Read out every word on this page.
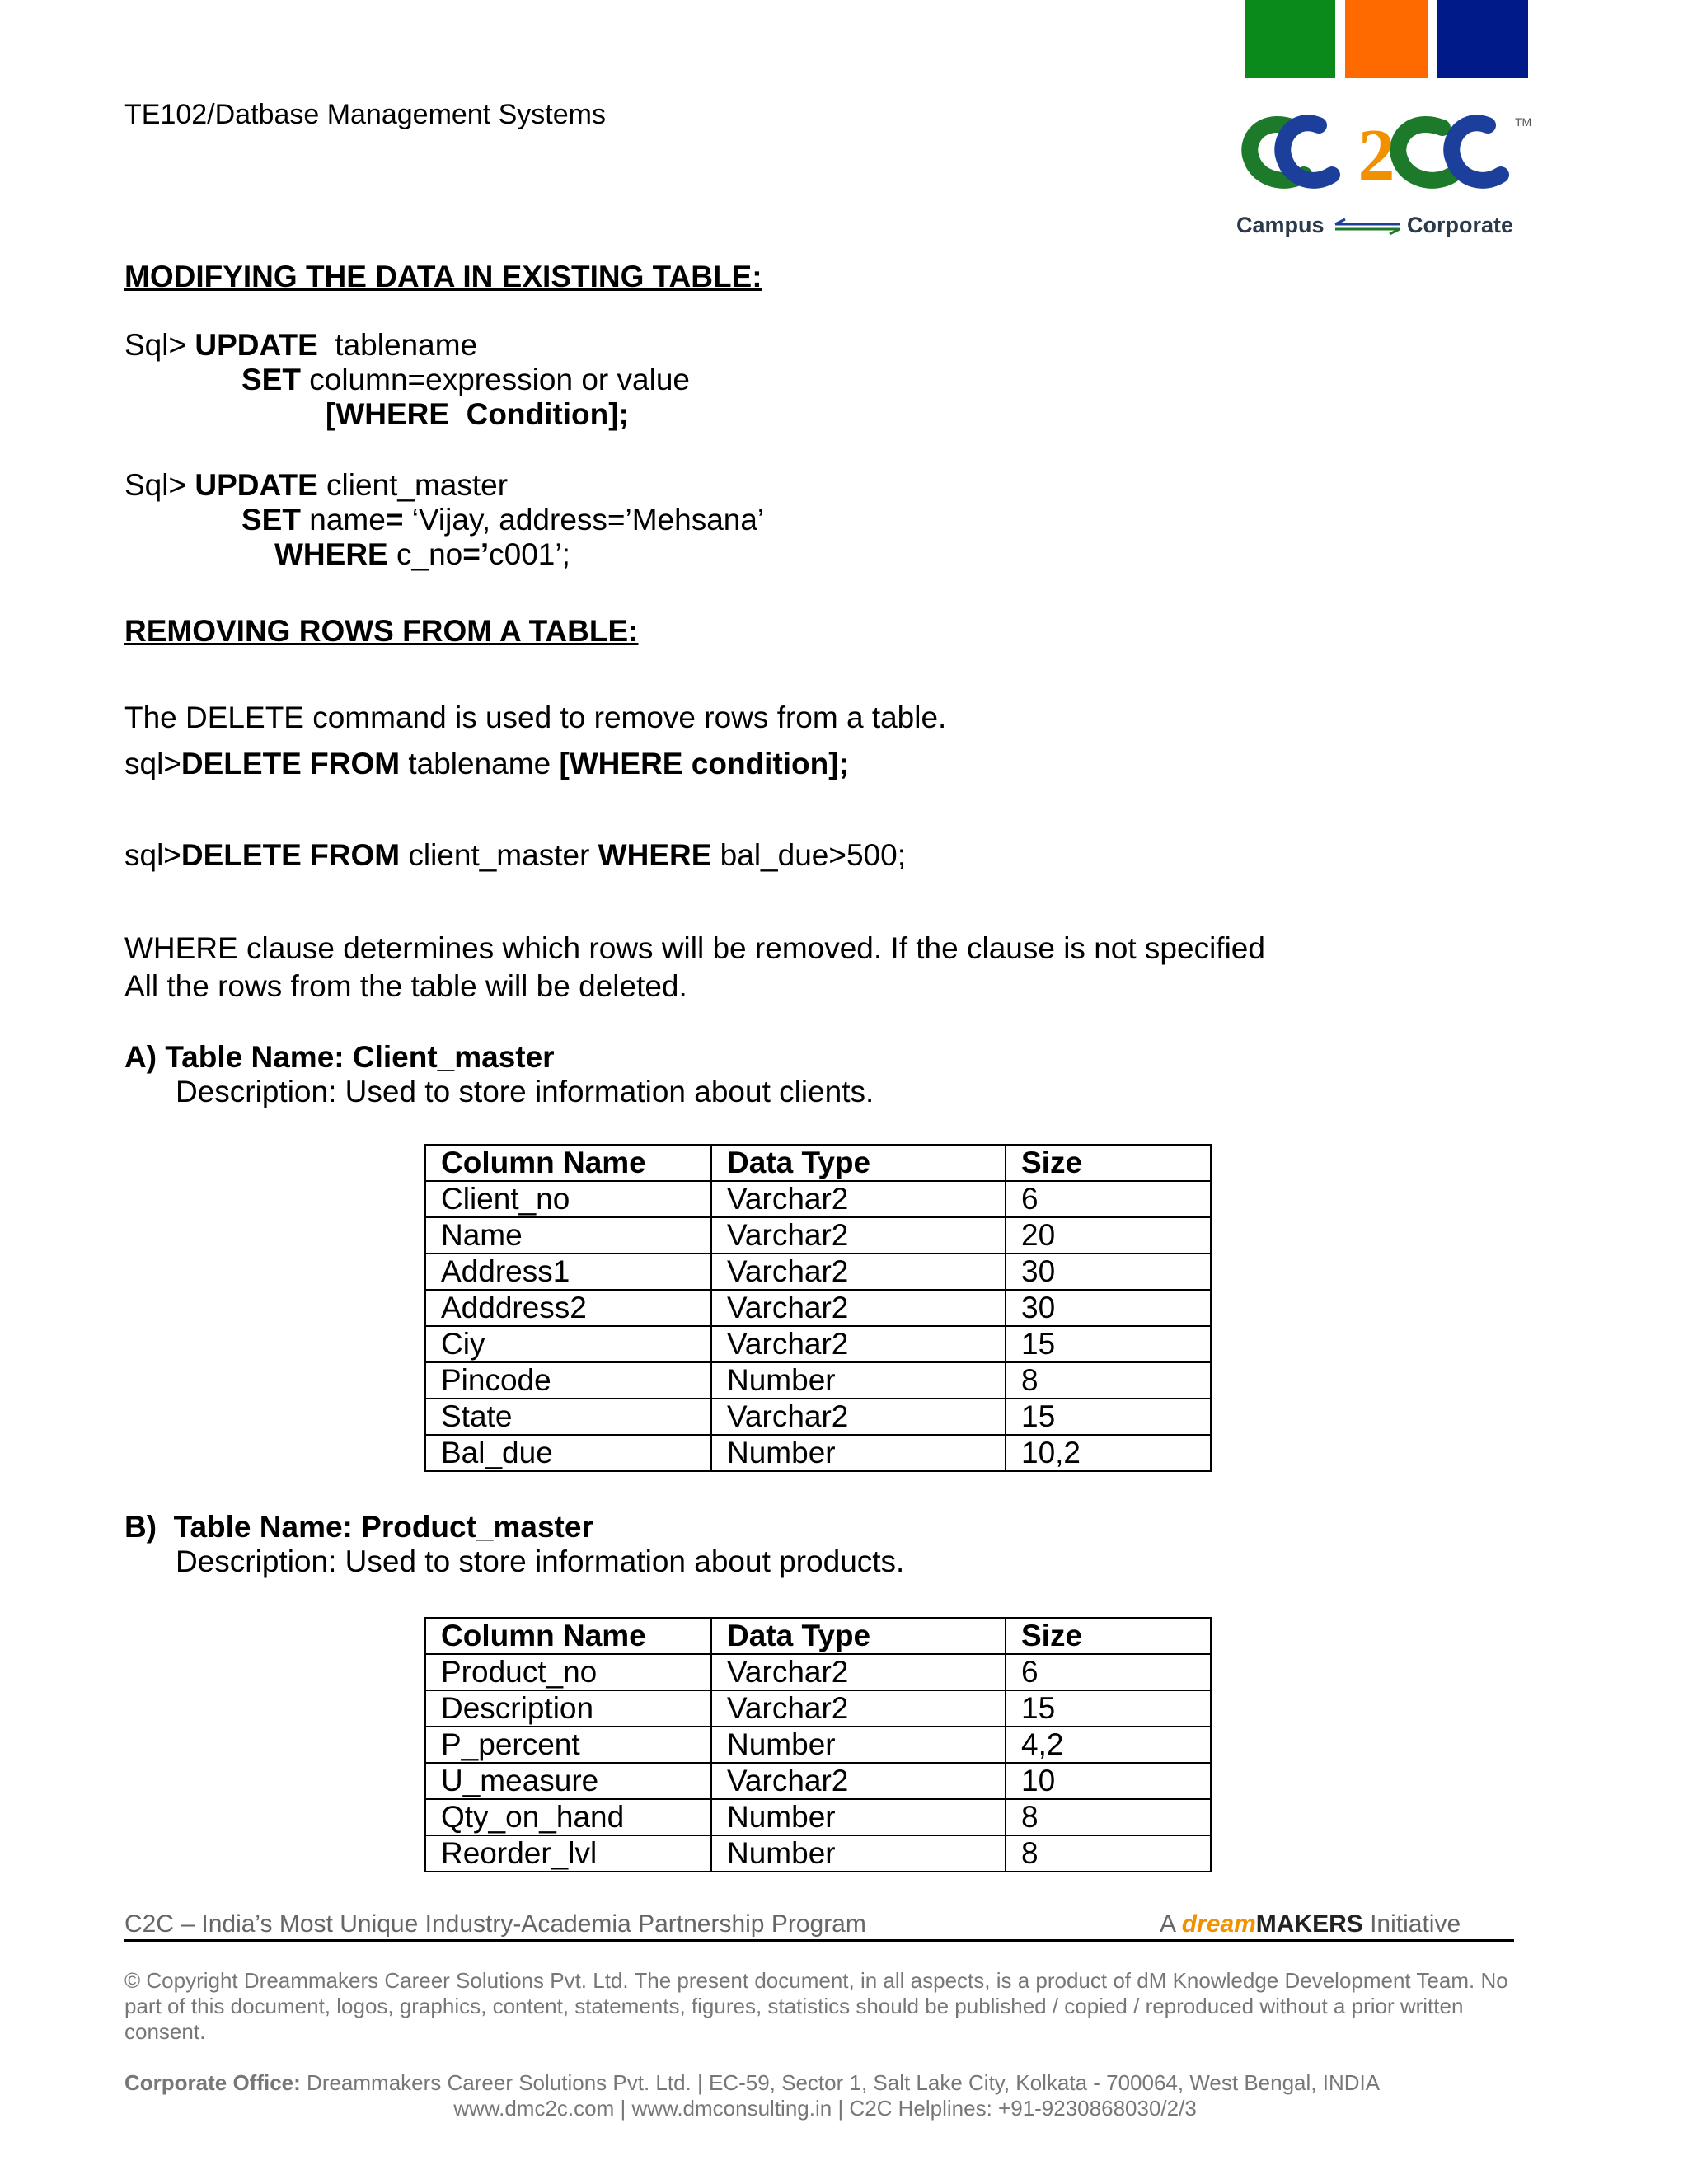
TE102/Datbase Management Systems	2	TM
Campus	Corporate
MODIFYING THE DATA IN EXISTING TABLE:
Sql> UPDATE  tablename
SET column=expression or value
[WHERE  Condition];
Sql> UPDATE client_master
SET name= ‘Vijay, address=’Mehsana’
WHERE c_no=’c001’;
REMOVING ROWS FROM A TABLE:
The DELETE command is used to remove rows from a table.
sql>DELETE FROM tablename [WHERE condition];
sql>DELETE FROM client_master WHERE bal_due>500;
WHERE clause determines which rows will be removed. If the clause is not specified
All the rows from the table will be deleted.
A) Table Name: Client_master
Description: Used to store information about clients.
Column Name	Data Type	Size
Client_no	Varchar2	6
Name	Varchar2	20
Address1	Varchar2	30
Adddress2	Varchar2	30
Ciy	Varchar2	15
Pincode	Number	8
State	Varchar2	15
Bal_due	Number	10,2
B)  Table Name: Product_master
Description: Used to store information about products.
Column Name	Data Type	Size
Product_no	Varchar2	6
Description	Varchar2	15
P_percent	Number	4,2
U_measure	Varchar2	10
Qty_on_hand	Number	8
Reorder_lvl	Number	8
C2C – India’s Most Unique Industry-Academia Partnership Program	A dreamMAKERS Initiative
© Copyright Dreammakers Career Solutions Pvt. Ltd. The present document, in all aspects, is a product of dM Knowledge Development Team. No part of this document, logos, graphics, content, statements, figures, statistics should be published / copied / reproduced without a prior written consent.
Corporate Office: Dreammakers Career Solutions Pvt. Ltd. | EC-59, Sector 1, Salt Lake City, Kolkata - 700064, West Bengal, INDIA
www.dmc2c.com | www.dmconsulting.in | C2C Helplines: +91-9230868030/2/3
